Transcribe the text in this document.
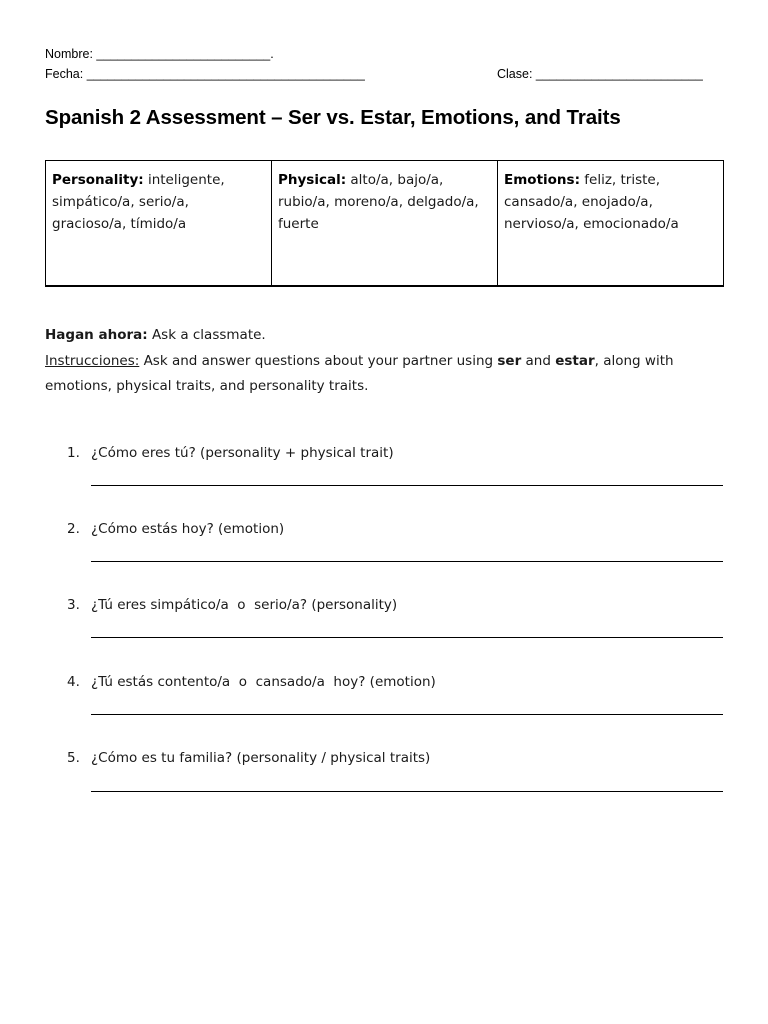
Nombre: _________________________.
Fecha: ________________________________________	Clase: ________________________
Spanish 2 Assessment – Ser vs. Estar, Emotions, and Traits
Personality: inteligente, simpático/a, serio/a, gracioso/a, tímido/a	Physical: alto/a, bajo/a, rubio/a, moreno/a, delgado/a, fuerte	Emotions: feliz, triste, cansado/a, enojado/a, nervioso/a, emocionado/a
Hagan ahora: Ask a classmate.
Instrucciones: Ask and answer questions about your partner using ser and estar, along with emotions, physical traits, and personality traits.
1. ¿Cómo eres tú? (personality + physical trait)
2. ¿Cómo estás hoy? (emotion)
3. ¿Tú eres simpático/a  o  serio/a? (personality)
4. ¿Tú estás contento/a  o  cansado/a  hoy? (emotion)
5. ¿Cómo es tu familia? (personality / physical traits)
